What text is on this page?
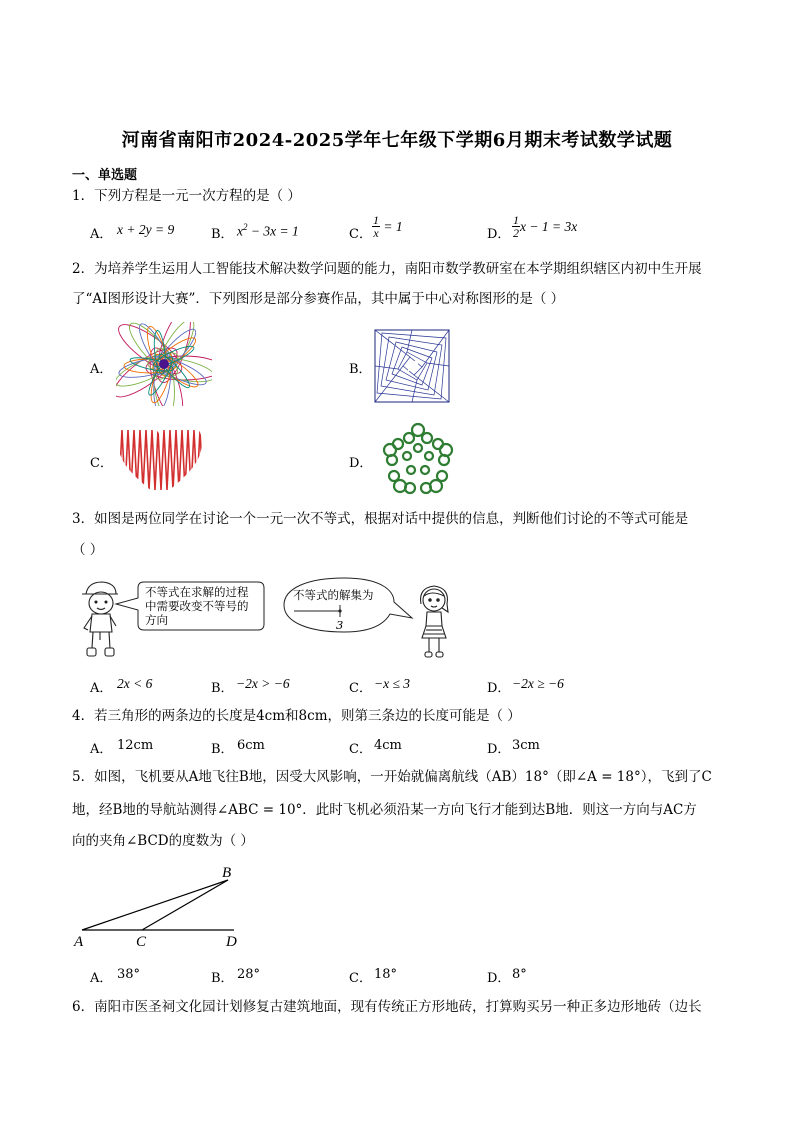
河南省南阳市2024-2025学年七年级下学期6月期末考试数学试题
一、单选题
1．下列方程是一元一次方程的是（ ）
A． x + 2y = 9	B． $x^2 - 3x = 1$	C． $\frac{1}{x} = 1$
D． $\frac{1}{2}$ x − 1 = 3x
2．为培养学生运用人工智能技术解决数学问题的能力，南阳市数学教研室在本学期组织辖区内初中生开展
了“AI图形设计大赛”．下列图形是部分参赛作品，其中属于中心对称图形的是（ ）
A．	B．
C．	D．
3．如图是两位同学在讨论一个一元一次不等式，根据对话中提供的信息，判断他们讨论的不等式可能是
（ ）
不等式在求解的过程
中需要改变不等号的
方向
不等式的解集为
3
A． 2x < 6	B． −2x > −6	C． −x ≤ 3	D． −2x ≥ −6
4．若三角形的两条边的长度是4cm和8cm，则第三条边的长度可能是（ ）
A． 12cm	B． 6cm	C． 4cm	D． 3cm
5．如图，飞机要从A地飞往B地，因受大风影响，一开始就偏离航线（AB）18°（即∠A = 18°），飞到了C
地，经B地的导航站测得∠ABC = 10°．此时飞机必须沿某一方向飞行才能到达B地．则这一方向与AC方
向的夹角∠BCD的度数为（ ）
A
B
C	D
A． 38°	B． 28°	C． 18°	D． 8°
6．南阳市医圣祠文化园计划修复古建筑地面，现有传统正方形地砖，打算购买另一种正多边形地砖（边长
